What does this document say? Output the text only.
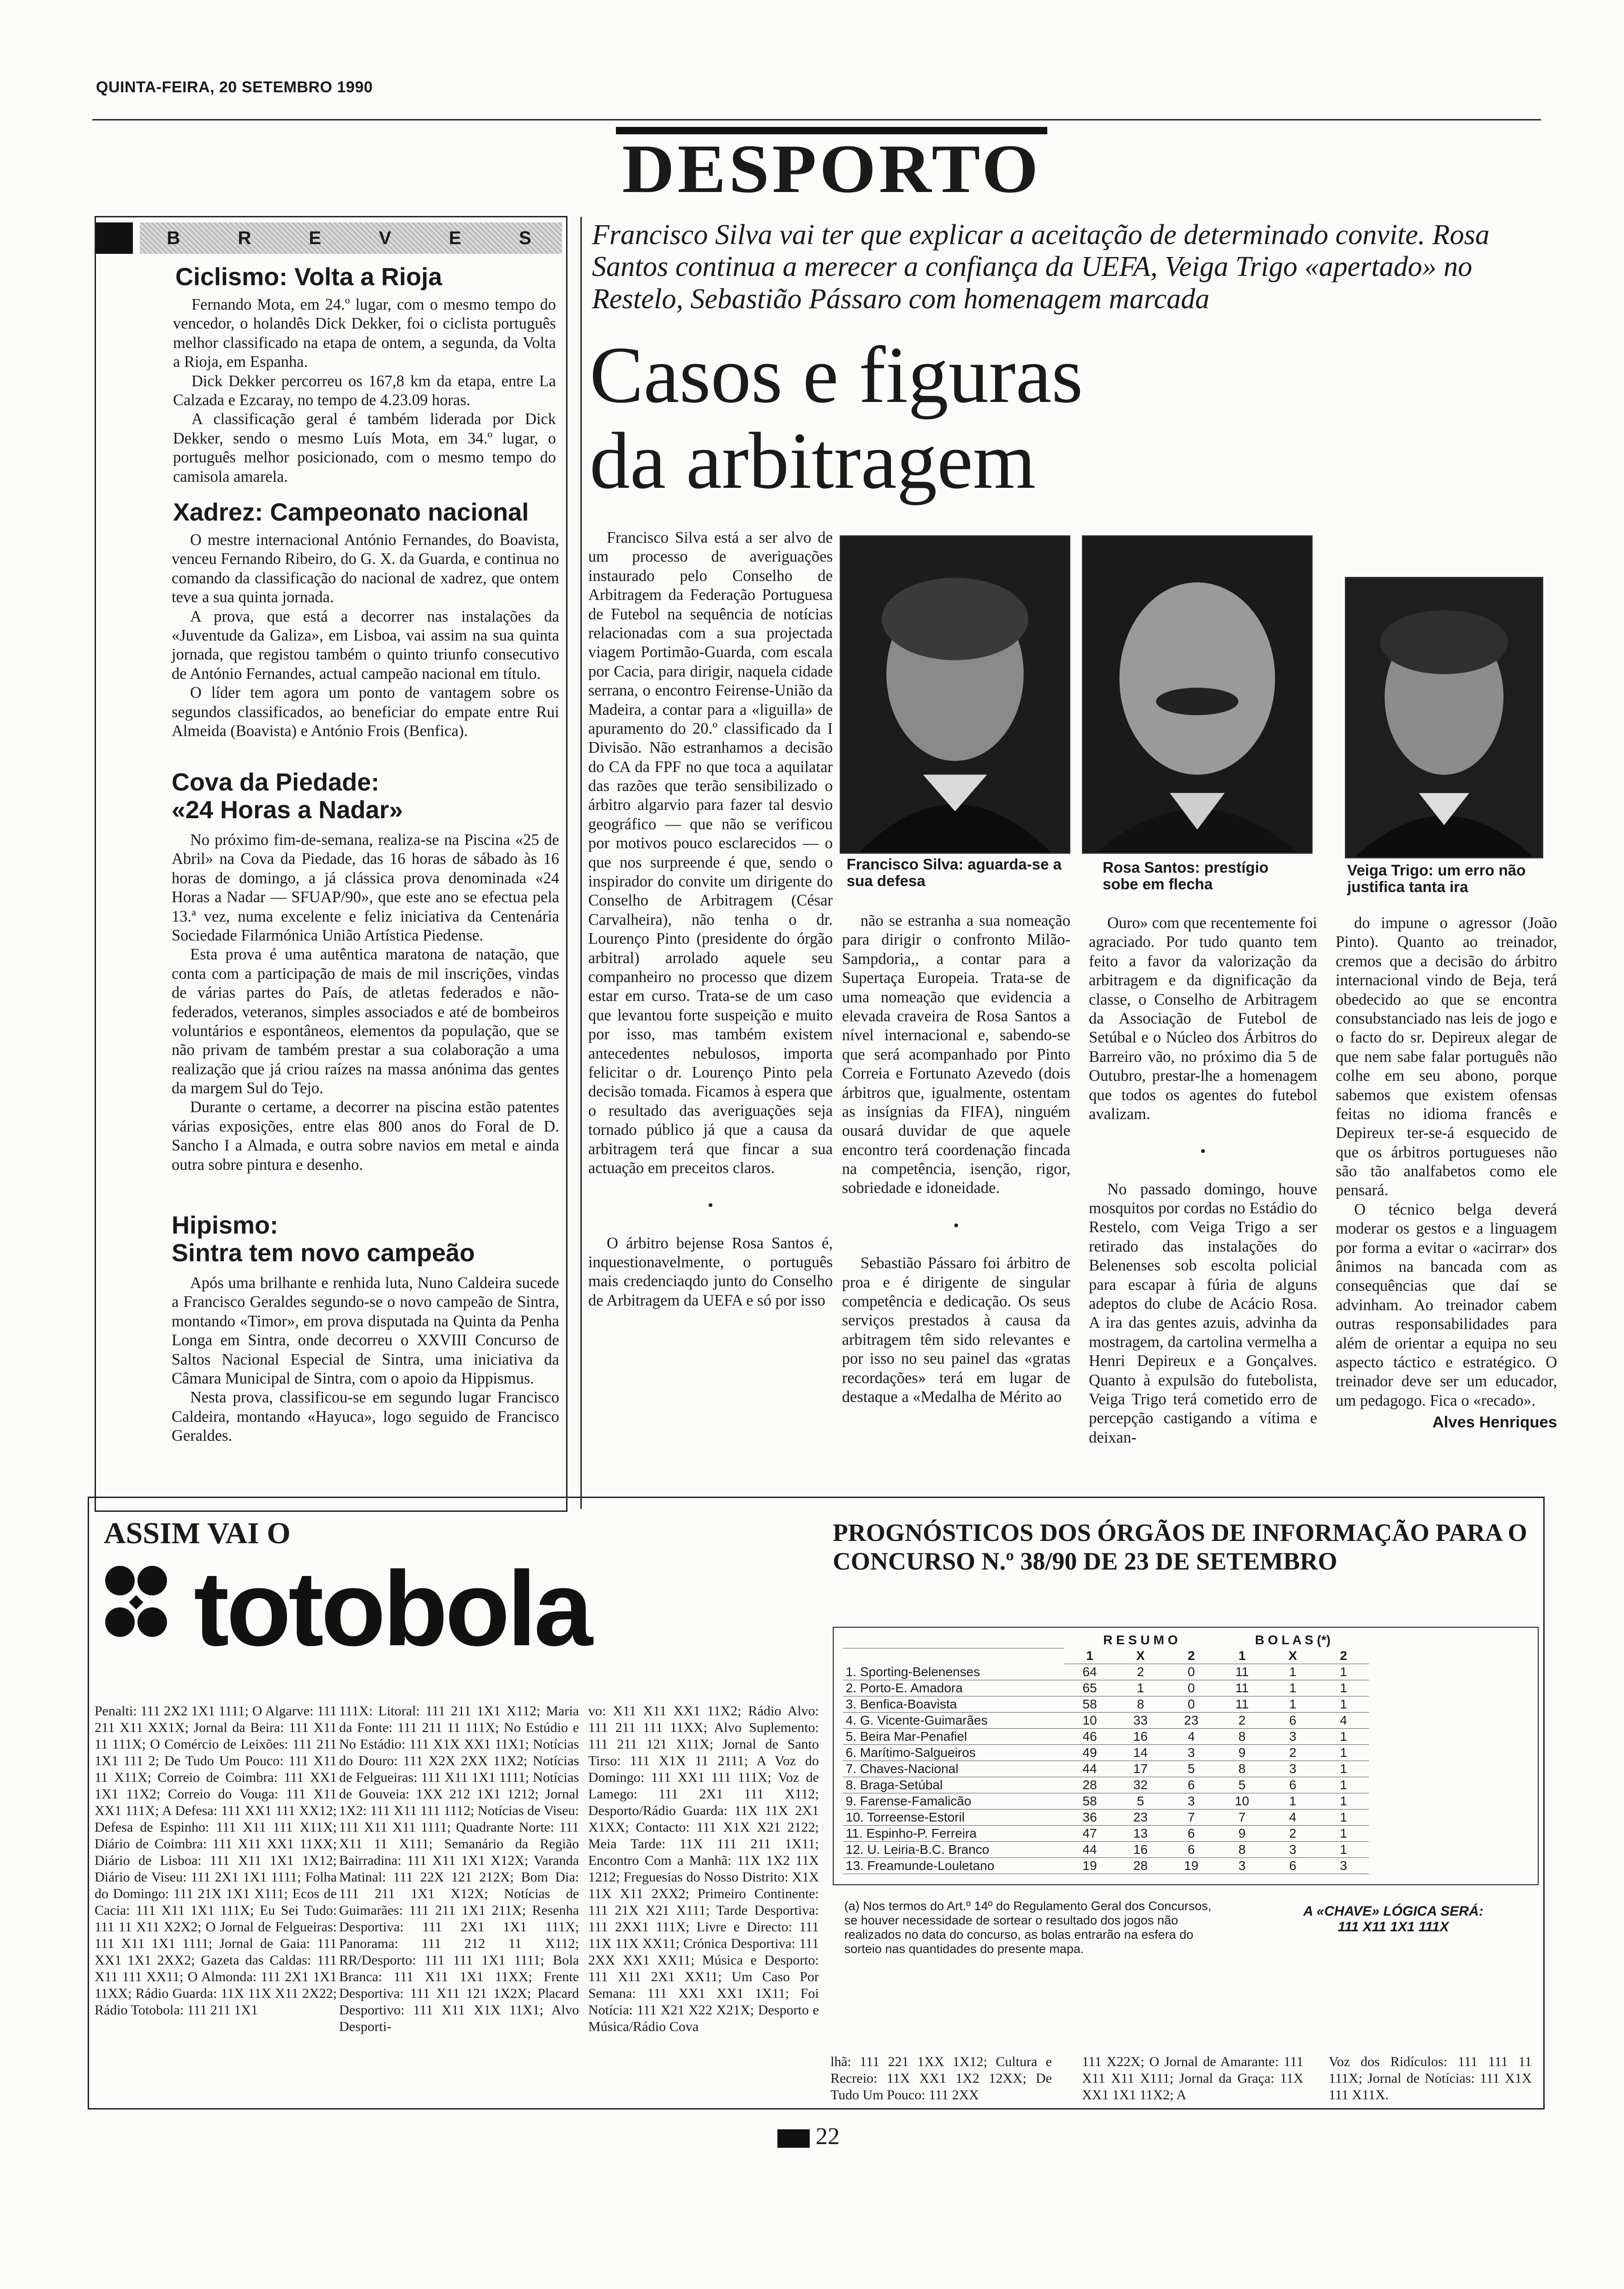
QUINTA-FEIRA, 20 SETEMBRO 1990
DESPORTO
B	R	E	V	E	S
Ciclismo: Volta a Rioja

Fernando Mota, em 24.º lugar, com o mesmo tempo do vencedor, o holandês Dick Dekker, foi o ciclista português melhor classificado na etapa de ontem, a segunda, da Volta a Rioja, em Espanha.

Dick Dekker percorreu os 167,8 km da etapa, entre La Calzada e Ezcaray, no tempo de 4.23.09 horas.

A classificação geral é também liderada por Dick Dekker, sendo o mesmo Luís Mota, em 34.º lugar, o português melhor posicionado, com o mesmo tempo do camisola amarela.

Xadrez: Campeonato nacional

O mestre internacional António Fernandes, do Boavista, venceu Fernando Ribeiro, do G. X. da Guarda, e continua no comando da classificação do nacional de xadrez, que ontem teve a sua quinta jornada.

A prova, que está a decorrer nas instalações da «Juventude da Galiza», em Lisboa, vai assim na sua quinta jornada, que registou também o quinto triunfo consecutivo de António Fernandes, actual campeão nacional em título.

O líder tem agora um ponto de vantagem sobre os segundos classificados, ao beneficiar do empate entre Rui Almeida (Boavista) e António Frois (Benfica).

Cova da Piedade:
«24 Horas a Nadar»

No próximo fim-de-semana, realiza-se na Piscina «25 de Abril» na Cova da Piedade, das 16 horas de sábado às 16 horas de domingo, a já clássica prova denominada «24 Horas a Nadar — SFUAP/90», que este ano se efectua pela 13.ª vez, numa excelente e feliz iniciativa da Centenária Sociedade Filarmónica União Artística Piedense.

Esta prova é uma autêntica maratona de natação, que conta com a participação de mais de mil inscrições, vindas de várias partes do País, de atletas federados e não-federados, veteranos, simples associados e até de bombeiros voluntários e espontâneos, elementos da população, que se não privam de também prestar a sua colaboração a uma realização que já criou raízes na massa anónima das gentes da margem Sul do Tejo.

Durante o certame, a decorrer na piscina estão patentes várias exposições, entre elas 800 anos do Foral de D. Sancho I a Almada, e outra sobre navios em metal e ainda outra sobre pintura e desenho.

Hipismo:
Sintra tem novo campeão

Após uma brilhante e renhida luta, Nuno Caldeira sucede a Francisco Geraldes segundo-se o novo campeão de Sintra, montando «Timor», em prova disputada na Quinta da Penha Longa em Sintra, onde decorreu o XXVIII Concurso de Saltos Nacional Especial de Sintra, uma iniciativa da Câmara Municipal de Sintra, com o apoio da Hippismus.

Nesta prova, classificou-se em segundo lugar Francisco Caldeira, montando «Hayuca», logo seguido de Francisco Geraldes.

Francisco Silva vai ter que explicar a aceitação de determinado convite. Rosa Santos continua a merecer a confiança da UEFA, Veiga Trigo «apertado» no Restelo, Sebastião Pássaro com homenagem marcada
Casos e figuras
da arbitragem

Francisco Silva está a ser alvo de um processo de averiguações instaurado pelo Conselho de Arbitragem da Federação Portuguesa de Futebol na sequência de notícias relacionadas com a sua projectada viagem Portimão-Guarda, com escala por Cacia, para dirigir, naquela cidade serrana, o encontro Feirense-União da Madeira, a contar para a «liguilla» de apuramento do 20.º classificado da I Divisão. Não estranhamos a decisão do CA da FPF no que toca a aquilatar das razões que terão sensibilizado o árbitro algarvio para fazer tal desvio geográfico — que não se verificou por motivos pouco esclarecidos — o que nos surpreende é que, sendo o inspirador do convite um dirigente do Conselho de Arbitragem (César Carvalheira), não tenha o dr. Lourenço Pinto (presidente do órgão arbitral) arrolado aquele seu companheiro no processo que dizem estar em curso. Trata-se de um caso que levantou forte suspeição e muito por isso, mas também existem antecedentes nebulosos, importa felicitar o dr. Lourenço Pinto pela decisão tomada. Ficamos à espera que o resultado das averiguações seja tornado público já que a causa da arbitragem terá que fincar a sua actuação em preceitos claros.

•

O árbitro bejense Rosa Santos é, inquestionavelmente, o português mais credenciaqdo junto do Conselho de Arbitragem da UEFA e só por isso

Francisco Silva: aguarda-se a sua defesa
Rosa Santos: prestígio sobe em flecha
Veiga Trigo: um erro não justifica tanta ira

não se estranha a sua nomeação para dirigir o confronto Milão-Sampdoria,, a contar para a Supertaça Europeia. Trata-se de uma nomeação que evidencia a elevada craveira de Rosa Santos a nível internacional e, sabendo-se que será acompanhado por Pinto Correia e Fortunato Azevedo (dois árbitros que, igualmente, ostentam as insígnias da FIFA), ninguém ousará duvidar de que aquele encontro terá coordenação fincada na competência, isenção, rigor, sobriedade e idoneidade.

•

Sebastião Pássaro foi árbitro de proa e é dirigente de singular competência e dedicação. Os seus serviços prestados à causa da arbitragem têm sido relevantes e por isso no seu painel das «gratas recordações» terá em lugar de destaque a «Medalha de Mérito ao

Ouro» com que recentemente foi agraciado. Por tudo quanto tem feito a favor da valorização da arbitragem e da dignificação da classe, o Conselho de Arbitragem da Associação de Futebol de Setúbal e o Núcleo dos Árbitros do Barreiro vão, no próximo dia 5 de Outubro, prestar-lhe a homenagem que todos os agentes do futebol avalizam.

•

No passado domingo, houve mosquitos por cordas no Estádio do Restelo, com Veiga Trigo a ser retirado das instalações do Belenenses sob escolta policial para escapar à fúria de alguns adeptos do clube de Acácio Rosa. A ira das gentes azuis, advinha da mostragem, da cartolina vermelha a Henri Depireux e a Gonçalves. Quanto à expulsão do futebolista, Veiga Trigo terá cometido erro de percepção castigando a vítima e deixan-

do impune o agressor (João Pinto). Quanto ao treinador, cremos que a decisão do árbitro internacional vindo de Beja, terá obedecido ao que se encontra consubstanciado nas leis de jogo e o facto do sr. Depireux alegar de que nem sabe falar português não colhe em seu abono, porque sabemos que existem ofensas feitas no idioma francês e Depireux ter-se-á esquecido de que os árbitros portugueses não são tão analfabetos como ele pensará.

O técnico belga deverá moderar os gestos e a linguagem por forma a evitar o «acirrar» dos ânimos na bancada com as consequências que daí se advinham. Ao treinador cabem outras responsabilidades para além de orientar a equipa no seu aspecto táctico e estratégico. O treinador deve ser um educador, um pedagogo. Fica o «recado».

Alves Henriques
ASSIM VAI O
totobola
PROGNÓSTICOS DOS ÓRGÃOS DE INFORMAÇÃO PARA O CONCURSO N.º 38/90 DE 23 DE SETEMBRO
	R E S U M O			B O L A S (*)		
	1	X	2	1	X	2
1. Sporting-Belenenses	64	2	0	11	1	1
2. Porto-E. Amadora	65	1	0	11	1	1
3. Benfica-Boavista	58	8	0	11	1	1
4. G. Vicente-Guimarães	10	33	23	2	6	4
5. Beira Mar-Penafiel	46	16	4	8	3	1
6. Marítimo-Salgueiros	49	14	3	9	2	1
7. Chaves-Nacional	44	17	5	8	3	1
8. Braga-Setúbal	28	32	6	5	6	1
9. Farense-Famalicão	58	5	3	10	1	1
10. Torreense-Estoril	36	23	7	7	4	1
11. Espinho-P. Ferreira	47	13	6	9	2	1
12. U. Leiria-B.C. Branco	44	16	6	8	3	1
13. Freamunde-Louletano	19	28	19	3	6	3
(a) Nos termos do Art.º 14º do Regulamento Geral dos Concursos, se houver necessidade de sortear o resultado dos jogos não realizados no data do concurso, as bolas entrarão na esfera do sorteio nas quantidades do presente mapa.
A «CHAVE» LÓGICA SERÁ:
111 X11 1X1 111X
Penalti: 111 2X2 1X1 1111; O Algarve: 111 211 X11 XX1X; Jornal da Beira: 111 X11 11 111X; O Comércio de Leixões: 111 211 1X1 111 2; De Tudo Um Pouco: 111 X11 11 X11X; Correio de Coimbra: 111 XX1 1X1 11X2; Correio do Vouga: 111 X11 XX1 111X; A Defesa: 111 XX1 111 XX12; Defesa de Espinho: 111 X11 111 X11X; Diário de Coimbra: 111 X11 XX1 11XX; Diário de Lisboa: 111 X11 1X1 1X12; Diário de Viseu: 111 2X1 1X1 1111; Folha do Domingo: 111 21X 1X1 X111; Ecos de Cacia: 111 X11 1X1 111X; Eu Sei Tudo: 111 11 X11 X2X2; O Jornal de Felgueiras: 111 X11 1X1 1111; Jornal de Gaia: 111 XX1 1X1 2XX2; Gazeta das Caldas: 111 X11 111 XX11; O Almonda: 111 2X1 1X1 11XX; Rádio Guarda: 11X 11X X11 2X22; Rádio Totobola: 111 211 1X1
111X: Litoral: 111 211 1X1 X112; Maria da Fonte: 111 211 11 111X; No Estúdio e No Estádio: 111 X1X XX1 11X1; Notícias do Douro: 111 X2X 2XX 11X2; Notícias de Felgueiras: 111 X11 1X1 1111; Notícias de Gouveia: 1XX 212 1X1 1212; Jornal 1X2: 111 X11 111 1112; Notícias de Viseu: 111 X11 X11 1111; Quadrante Norte: 111 X11 11 X111; Semanário da Região Bairradina: 111 X11 1X1 X12X; Varanda Matinal: 111 22X 121 212X; Bom Dia: 111 211 1X1 X12X; Notícias de Guimarães: 111 211 1X1 211X; Resenha Desportiva: 111 2X1 1X1 111X; Panorama: 111 212 11 X112; RR/Desporto: 111 111 1X1 1111; Bola Branca: 111 X11 1X1 11XX; Frente Desportiva: 111 X11 121 1X2X; Placard Desportivo: 111 X11 X1X 11X1; Alvo Desporti-
vo: X11 X11 XX1 11X2; Rádio Alvo: 111 211 111 11XX; Alvo Suplemento: 111 211 121 X11X; Jornal de Santo Tirso: 111 X1X 11 2111; A Voz do Domingo: 111 XX1 111 111X; Voz de Lamego: 111 2X1 111 X112; Desporto/Rádio Guarda: 11X 11X 2X1 X1XX; Contacto: 111 X1X X21 2122; Meia Tarde: 11X 111 211 1X11; Encontro Com a Manhã: 11X 1X2 11X 1212; Freguesias do Nosso Distrito: X1X 11X X11 2XX2; Primeiro Continente: 111 21X X21 X111; Tarde Desportiva: 111 2XX1 111X; Livre e Directo: 111 11X 11X XX11; Crónica Desportiva: 111 2XX XX1 XX11; Música e Desporto: 111 X11 2X1 XX11; Um Caso Por Semana: 111 XX1 XX1 1X11; Foi Notícia: 111 X21 X22 X21X; Desporto e Música/Rádio Cova
lhã: 111 221 1XX 1X12; Cultura e Recreio: 11X XX1 1X2 12XX; De Tudo Um Pouco: 111 2XX
111 X22X; O Jornal de Amarante: 111 X11 X11 X111; Jornal da Graça: 11X XX1 1X1 11X2; A
Voz dos Ridículos: 111 111 11 111X; Jornal de Notícias: 111 X1X 111 X11X.
22
